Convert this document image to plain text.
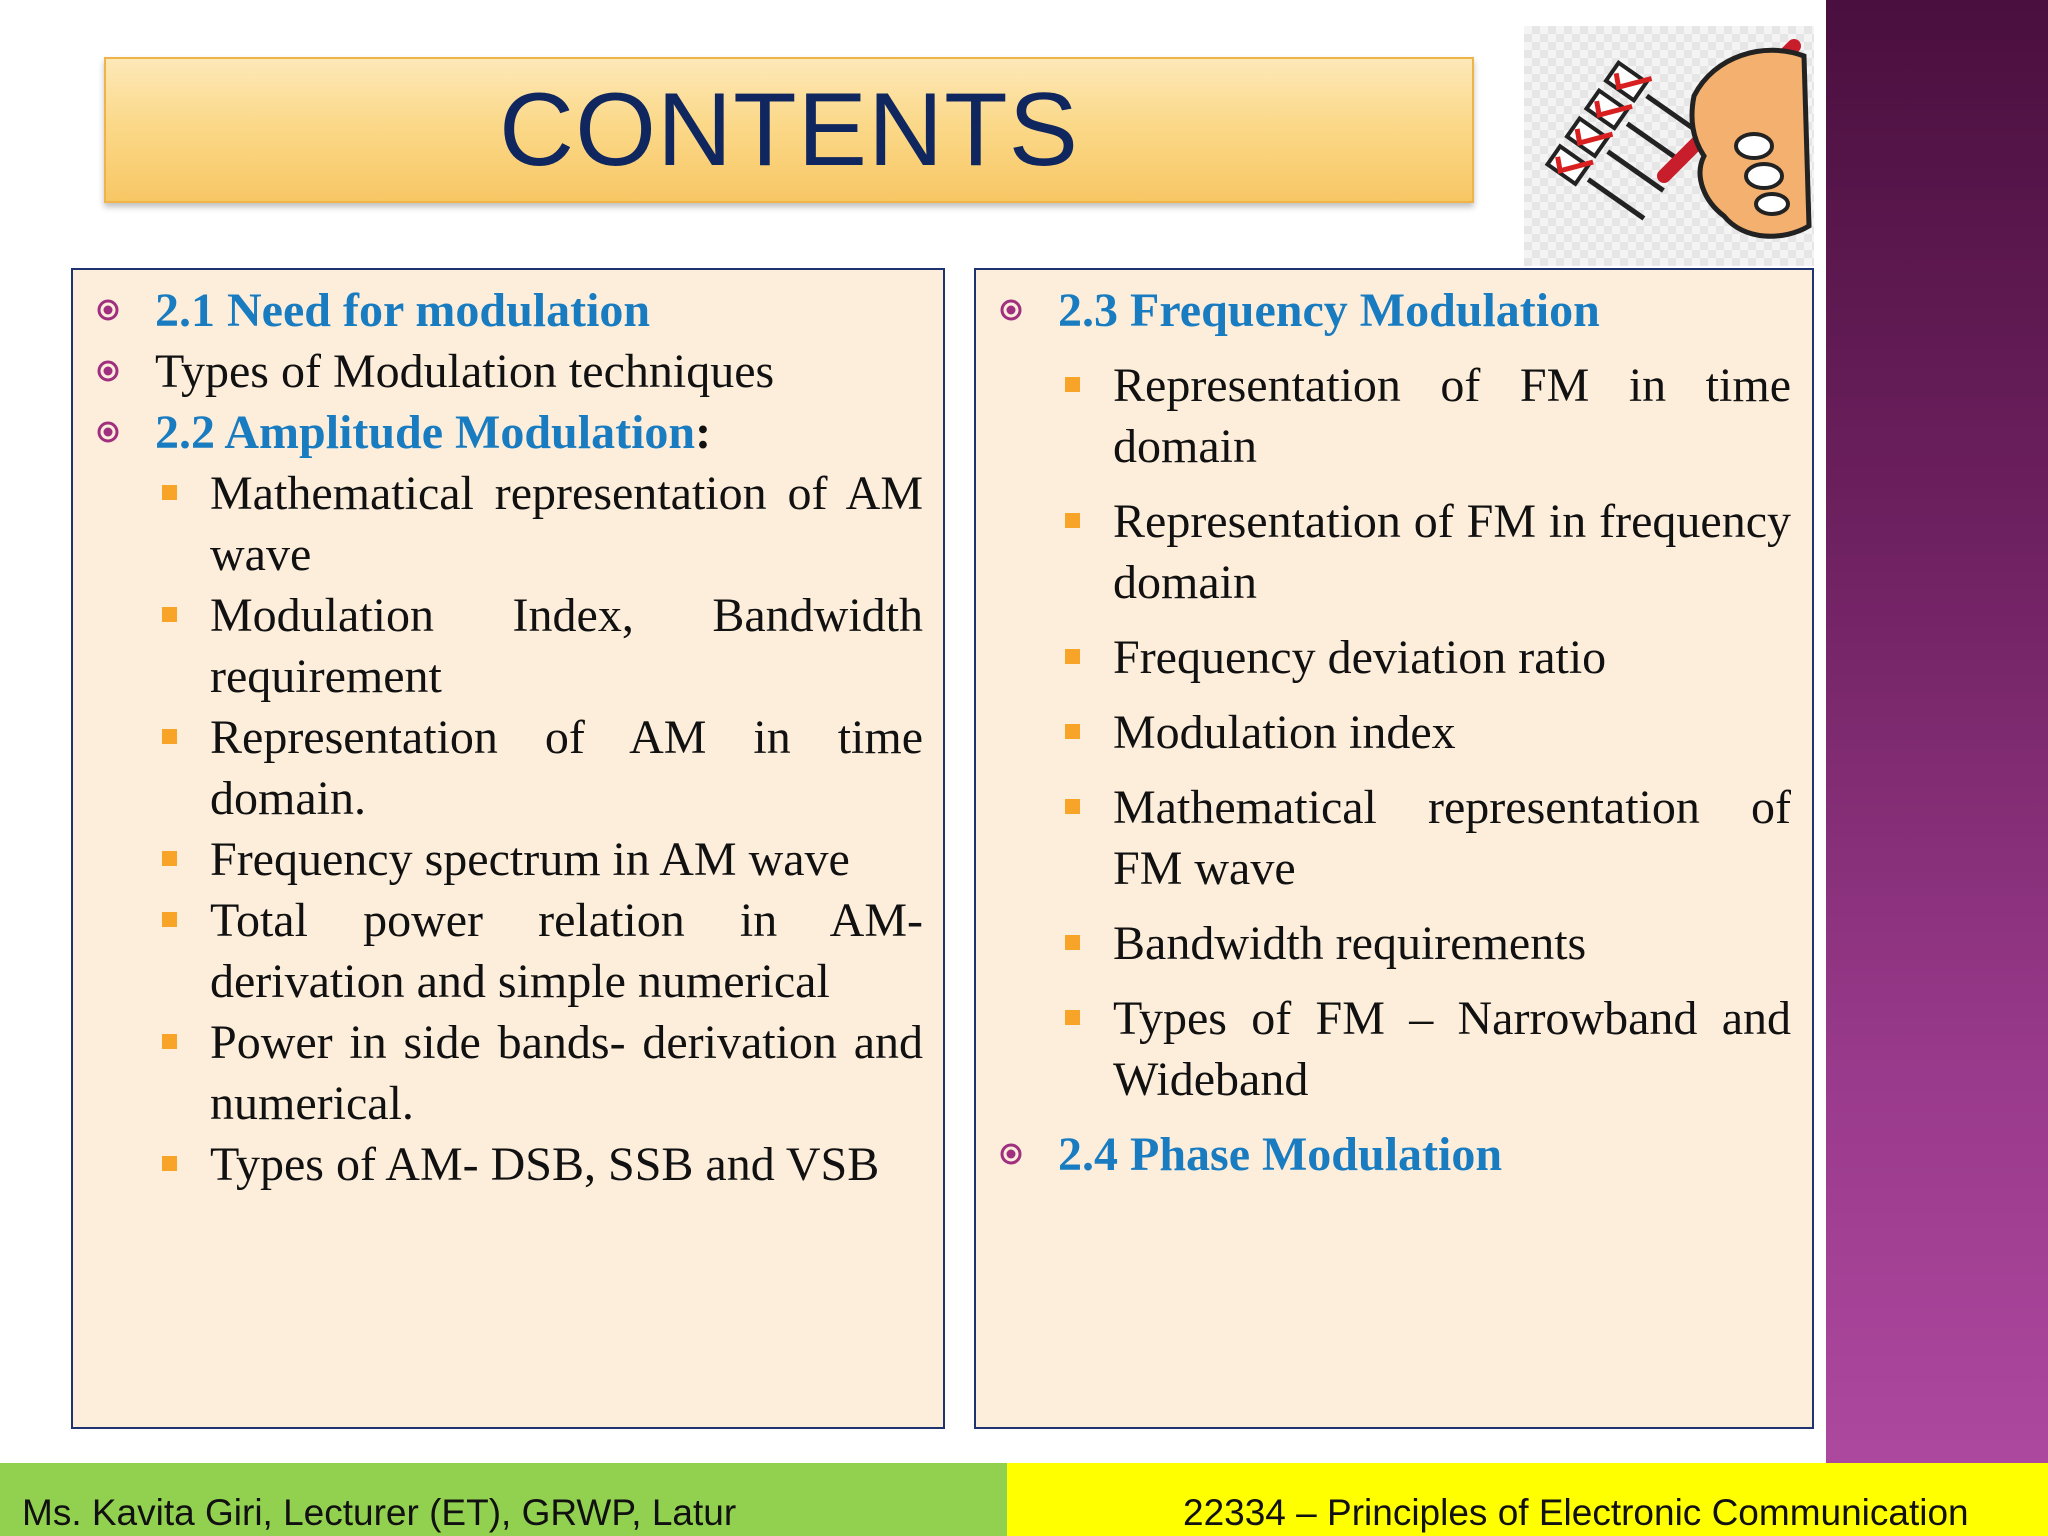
CONTENTS
2.1 Need for modulation
Types of Modulation techniques
2.2 Amplitude Modulation:
Mathematical representation of AM wave
Modulation Index, Bandwidth requirement
Representation of AM in time domain.
Frequency spectrum in AM wave
Total power relation in AM-derivation and simple numerical
Power in side bands- derivation and numerical.
Types of AM- DSB, SSB and VSB
2.3 Frequency Modulation
Representation of FM in time domain
Representation of FM in frequency domain
Frequency deviation ratio
Modulation index
Mathematical representation of FM wave
Bandwidth requirements
Types of FM – Narrowband and Wideband
2.4 Phase Modulation
Ms. Kavita Giri, Lecturer (ET), GRWP, Latur	22334 – Principles of Electronic Communication
